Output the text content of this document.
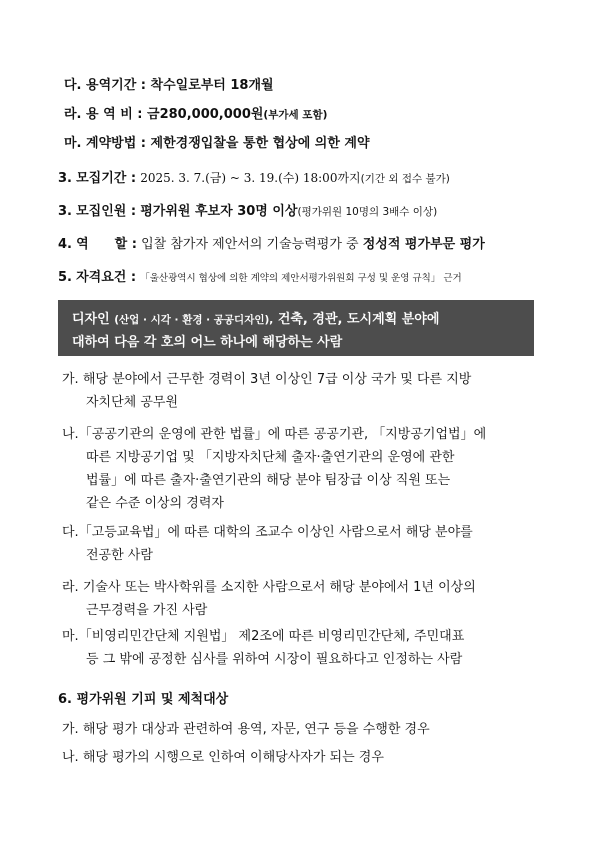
다. 용역기간 : 착수일로부터 18개월
라. 용 역 비 : 금280,000,000원(부가세 포함)
마. 계약방법 : 제한경쟁입찰을 통한 협상에 의한 계약
3. 모집기간 : 2025. 3. 7.(금) ~ 3. 19.(수) 18:00까지(기간 외 접수 불가)
3. 모집인원 : 평가위원 후보자 30명 이상(평가위원 10명의 3배수 이상)
4. 역　　할 : 입찰 참가자 제안서의 기술능력평가 중 정성적 평가부문 평가
5. 자격요건 : 「울산광역시 협상에 의한 계약의 제안서평가위원회 구성 및 운영 규칙」 근거
디자인 (산업 · 시각 · 환경 · 공공디자인), 건축, 경관, 도시계획 분야에
대하여 다음 각 호의 어느 하나에 해당하는 사람
가. 해당 분야에서 근무한 경력이 3년 이상인 7급 이상 국가 및 다른 지방
자치단체 공무원
나.「공공기관의 운영에 관한 법률」에 따른 공공기관, 「지방공기업법」에
따른 지방공기업 및 「지방자치단체 출자·출연기관의 운영에 관한
법률」에 따른 출자·출연기관의 해당 분야 팀장급 이상 직원 또는
같은 수준 이상의 경력자
다.「고등교육법」에 따른 대학의 조교수 이상인 사람으로서 해당 분야를
전공한 사람
라. 기술사 또는 박사학위를 소지한 사람으로서 해당 분야에서 1년 이상의
근무경력을 가진 사람
마.「비영리민간단체 지원법」 제2조에 따른 비영리민간단체, 주민대표
등 그 밖에 공정한 심사를 위하여 시장이 필요하다고 인정하는 사람
6. 평가위원 기피 및 제척대상
가. 해당 평가 대상과 관련하여 용역, 자문, 연구 등을 수행한 경우
나. 해당 평가의 시행으로 인하여 이해당사자가 되는 경우
